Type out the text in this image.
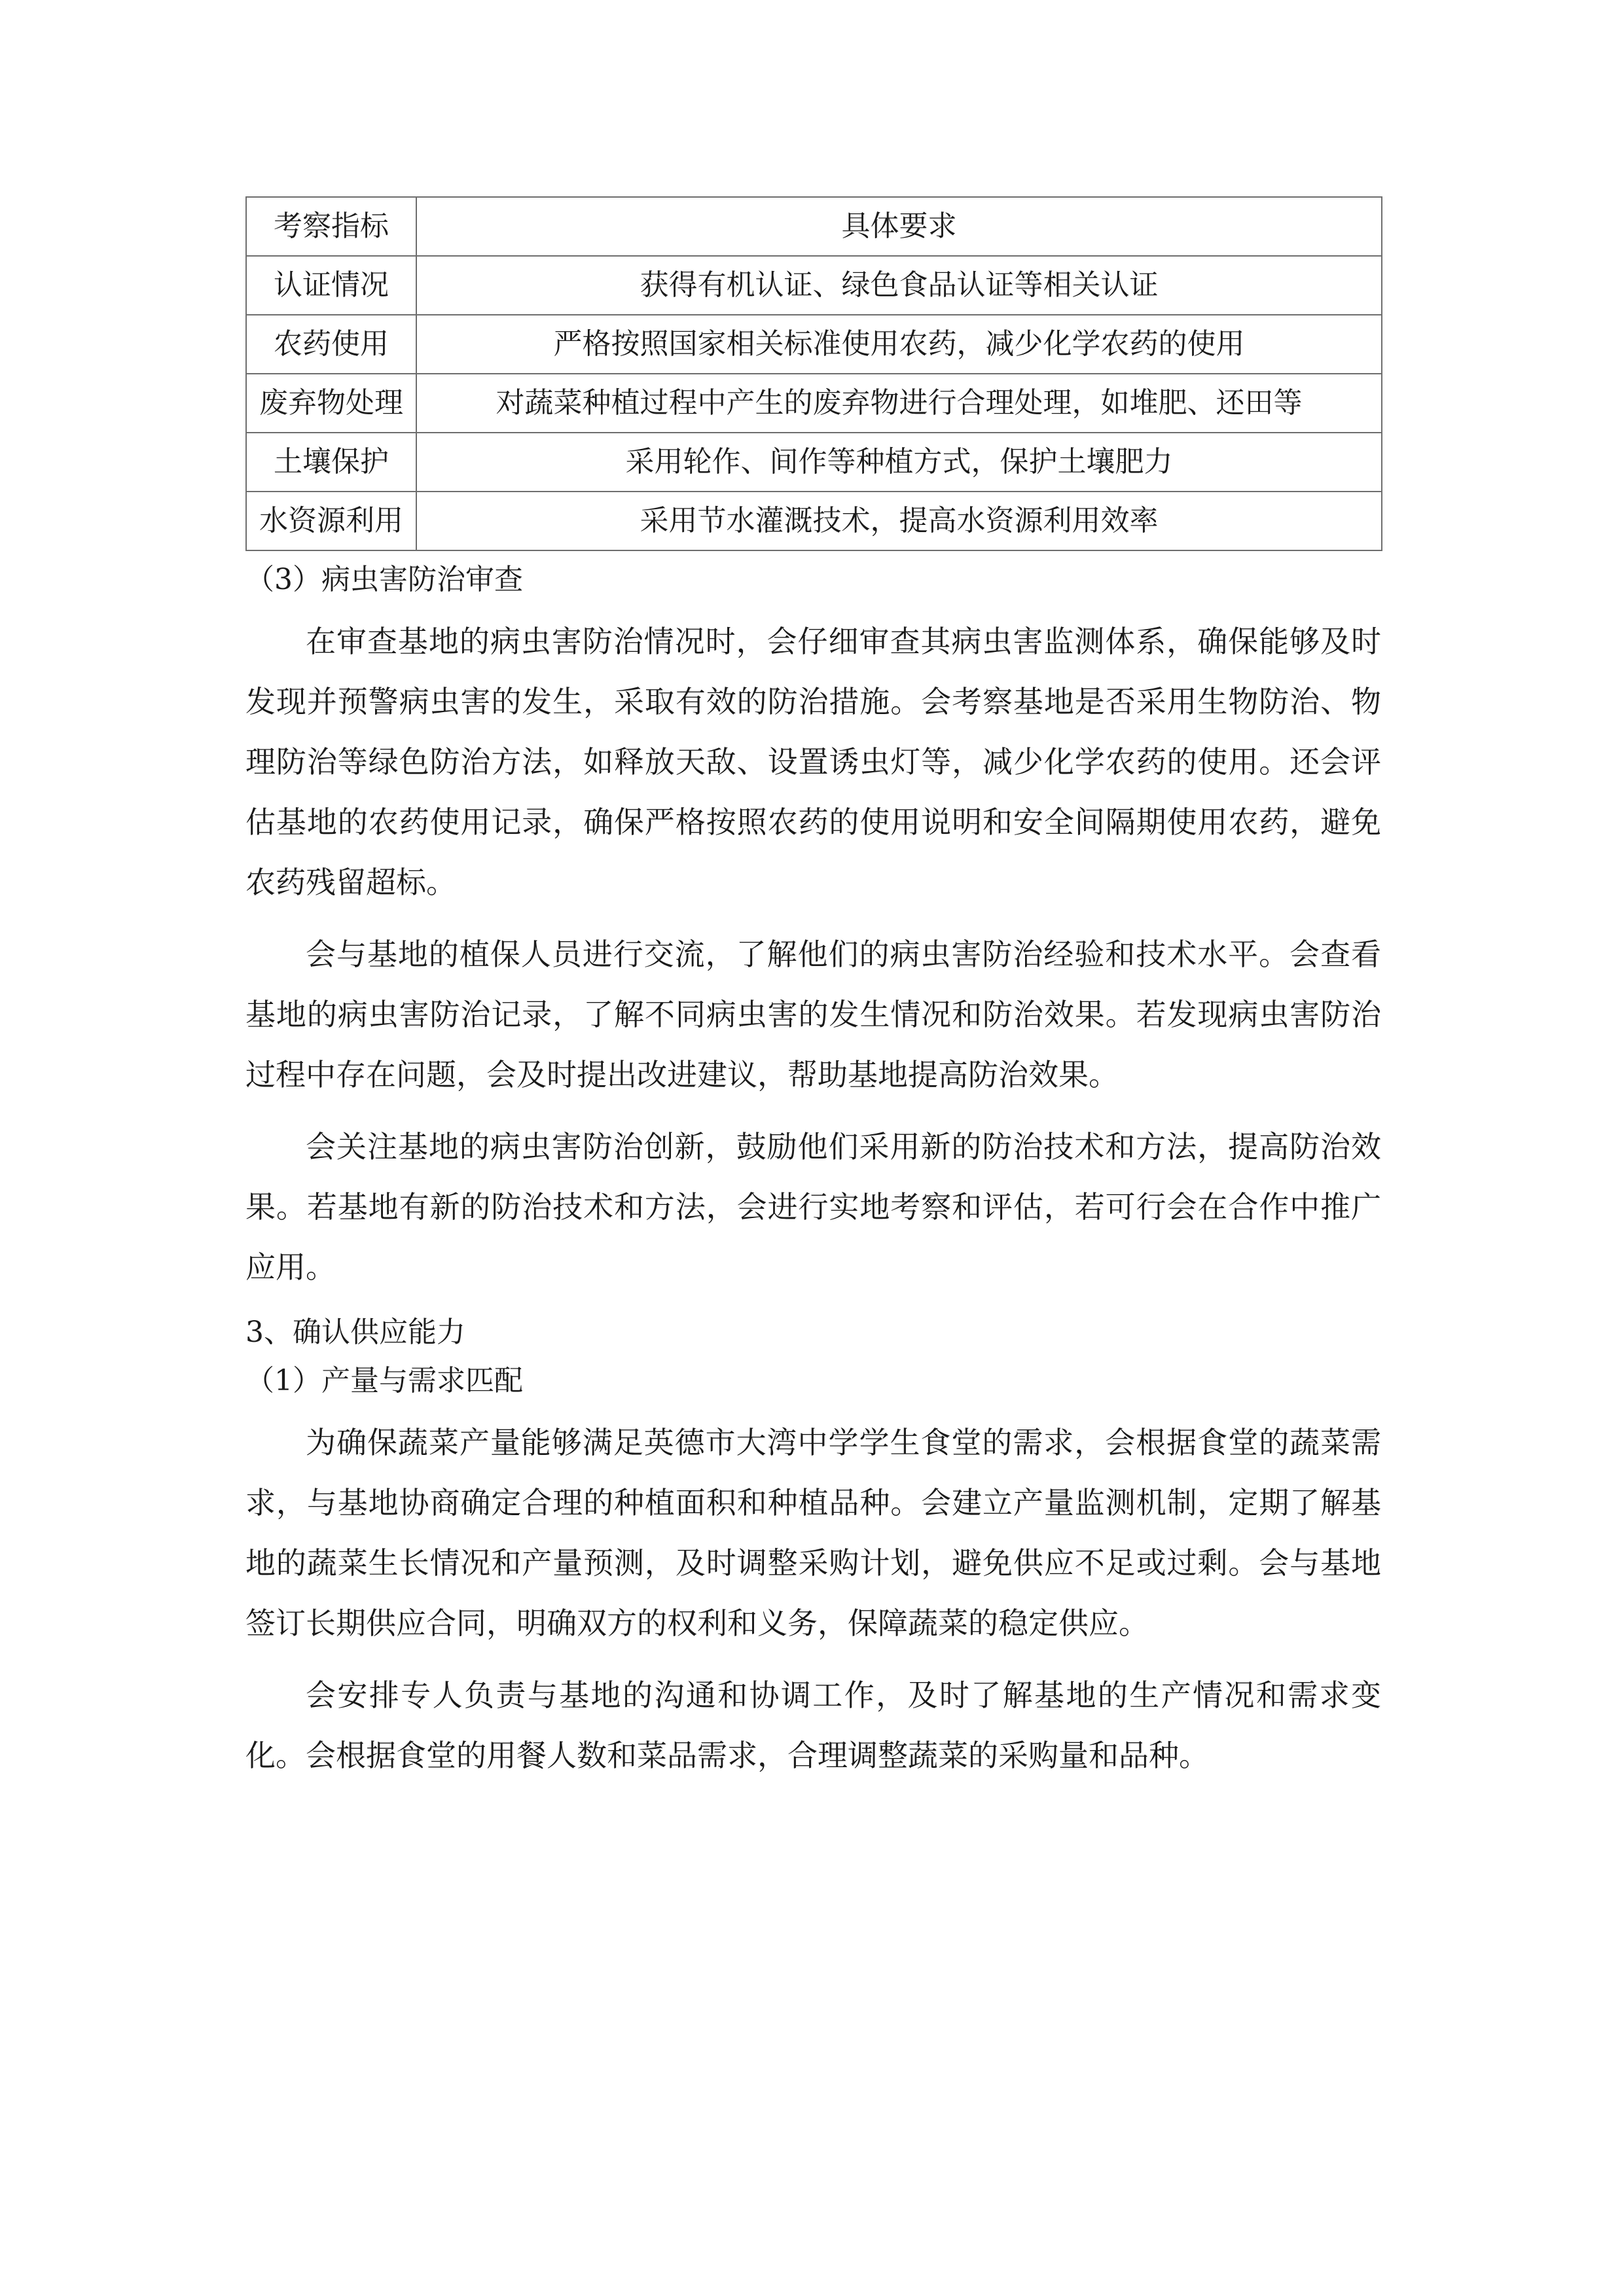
考察指标	具体要求
认证情况	获得有机认证、绿色食品认证等相关认证
农药使用	严格按照国家相关标准使用农药，减少化学农药的使用
废弃物处理	对蔬菜种植过程中产生的废弃物进行合理处理，如堆肥、还田等
土壤保护	采用轮作、间作等种植方式，保护土壤肥力
水资源利用	采用节水灌溉技术，提高水资源利用效率

（3）病虫害防治审查

在审查基地的病虫害防治情况时，会仔细审查其病虫害监测体系，确保能够及时发现并预警病虫害的发生，采取有效的防治措施。会考察基地是否采用生物防治、物理防治等绿色防治方法，如释放天敌、设置诱虫灯等，减少化学农药的使用。还会评估基地的农药使用记录，确保严格按照农药的使用说明和安全间隔期使用农药，避免农药残留超标。

会与基地的植保人员进行交流，了解他们的病虫害防治经验和技术水平。会查看基地的病虫害防治记录，了解不同病虫害的发生情况和防治效果。若发现病虫害防治过程中存在问题，会及时提出改进建议，帮助基地提高防治效果。

会关注基地的病虫害防治创新，鼓励他们采用新的防治技术和方法，提高防治效果。若基地有新的防治技术和方法，会进行实地考察和评估，若可行会在合作中推广应用。

3、确认供应能力

（1）产量与需求匹配

为确保蔬菜产量能够满足英德市大湾中学学生食堂的需求，会根据食堂的蔬菜需求，与基地协商确定合理的种植面积和种植品种。会建立产量监测机制，定期了解基地的蔬菜生长情况和产量预测，及时调整采购计划，避免供应不足或过剩。会与基地签订长期供应合同，明确双方的权利和义务，保障蔬菜的稳定供应。

会安排专人负责与基地的沟通和协调工作，及时了解基地的生产情况和需求变化。会根据食堂的用餐人数和菜品需求，合理调整蔬菜的采购量和品种。
